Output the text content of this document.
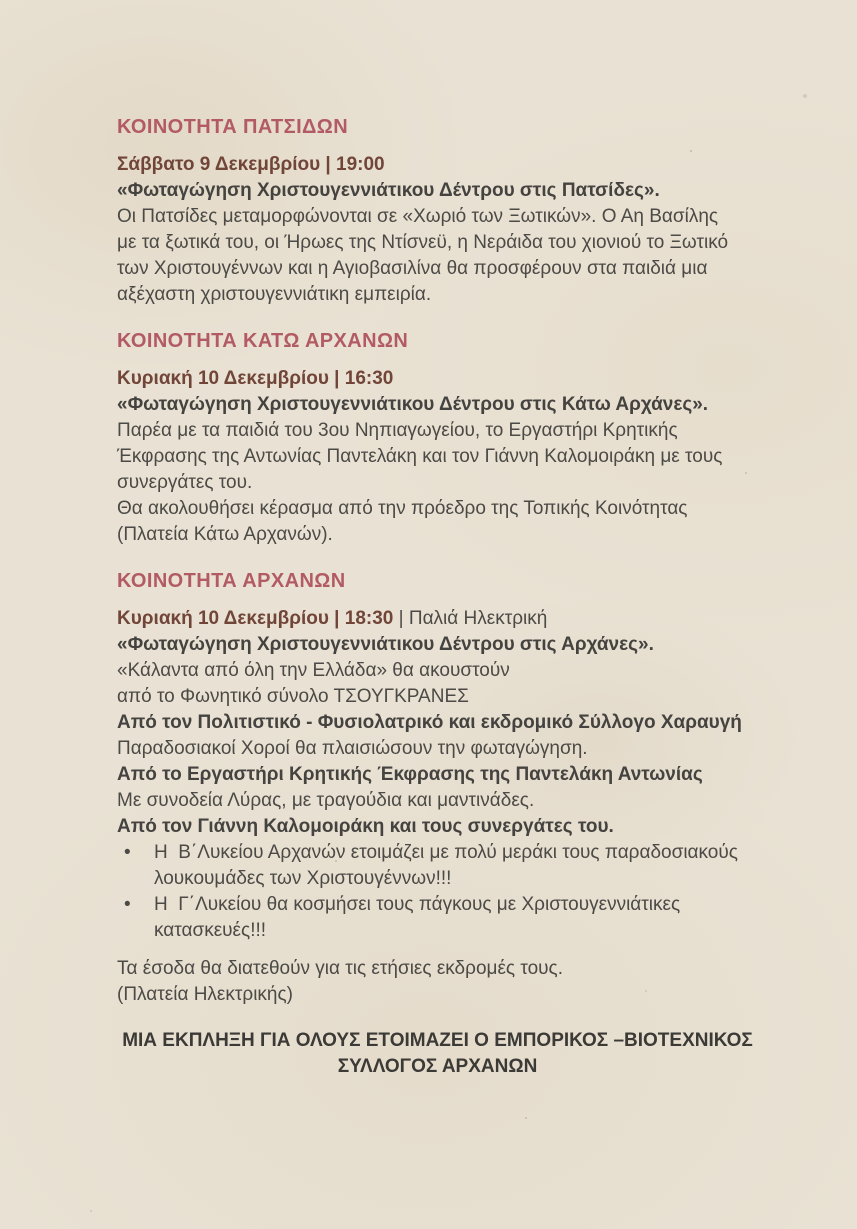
ΚΟΙΝΟΤΗΤΑ ΠΑΤΣΙΔΩΝ

Σάββατο 9 Δεκεμβρίου | 19:00

«Φωταγώγηση Χριστουγεννιάτικου Δέντρου στις Πατσίδες».

Οι Πατσίδες μεταμορφώνονται σε «Χωριό των Ξωτικών». Ο Αη Βασίλης

με τα ξωτικά του, οι Ήρωες της Ντίσνεϋ, η Νεράιδα του χιονιού το Ξωτικό

των Χριστουγέννων και η Αγιοβασιλίνα θα προσφέρουν στα παιδιά μια

αξέχαστη χριστουγεννιάτικη εμπειρία.

ΚΟΙΝΟΤΗΤΑ ΚΑΤΩ ΑΡΧΑΝΩΝ

Κυριακή 10 Δεκεμβρίου | 16:30

«Φωταγώγηση Χριστουγεννιάτικου Δέντρου στις Κάτω Αρχάνες».

Παρέα με τα παιδιά του 3ου Νηπιαγωγείου, το Εργαστήρι Κρητικής

Έκφρασης της Αντωνίας Παντελάκη και τον Γιάννη Καλομοιράκη με τους

συνεργάτες του.

Θα ακολουθήσει κέρασμα από την πρόεδρο της Τοπικής Κοινότητας

(Πλατεία Κάτω Αρχανών).

ΚΟΙΝΟΤΗΤΑ ΑΡΧΑΝΩΝ

Κυριακή 10 Δεκεμβρίου | 18:30 | Παλιά Ηλεκτρική

«Φωταγώγηση Χριστουγεννιάτικου Δέντρου στις Αρχάνες».

«Κάλαντα από όλη την Ελλάδα» θα ακουστούν

από το Φωνητικό σύνολο ΤΣΟΥΓΚΡΑΝΕΣ

Από τον Πολιτιστικό - Φυσιολατρικό και εκδρομικό Σύλλογο Χαραυγή

Παραδοσιακοί Χοροί θα πλαισιώσουν την φωταγώγηση.

Από το Εργαστήρι Κρητικής Έκφρασης της Παντελάκη Αντωνίας

Με συνοδεία Λύρας, με τραγούδια και μαντινάδες.

Από τον Γιάννη Καλομοιράκη και τους συνεργάτες του.

•	Η  Β΄Λυκείου Αρχανών ετοιμάζει με πολύ μεράκι τους παραδοσιακούς λουκουμάδες των Χριστουγέννων!!!
•	Η  Γ΄Λυκείου θα κοσμήσει τους πάγκους με Χριστουγεννιάτικες κατασκευές!!!

Τα έσοδα θα διατεθούν για τις ετήσιες εκδρομές τους.

(Πλατεία Ηλεκτρικής)

ΜΙΑ ΕΚΠΛΗΞΗ ΓΙΑ ΟΛΟΥΣ ΕΤΟΙΜΑΖΕΙ Ο ΕΜΠΟΡΙΚΟΣ –ΒΙΟΤΕΧΝΙΚΟΣ

ΣΥΛΛΟΓΟΣ ΑΡΧΑΝΩΝ
